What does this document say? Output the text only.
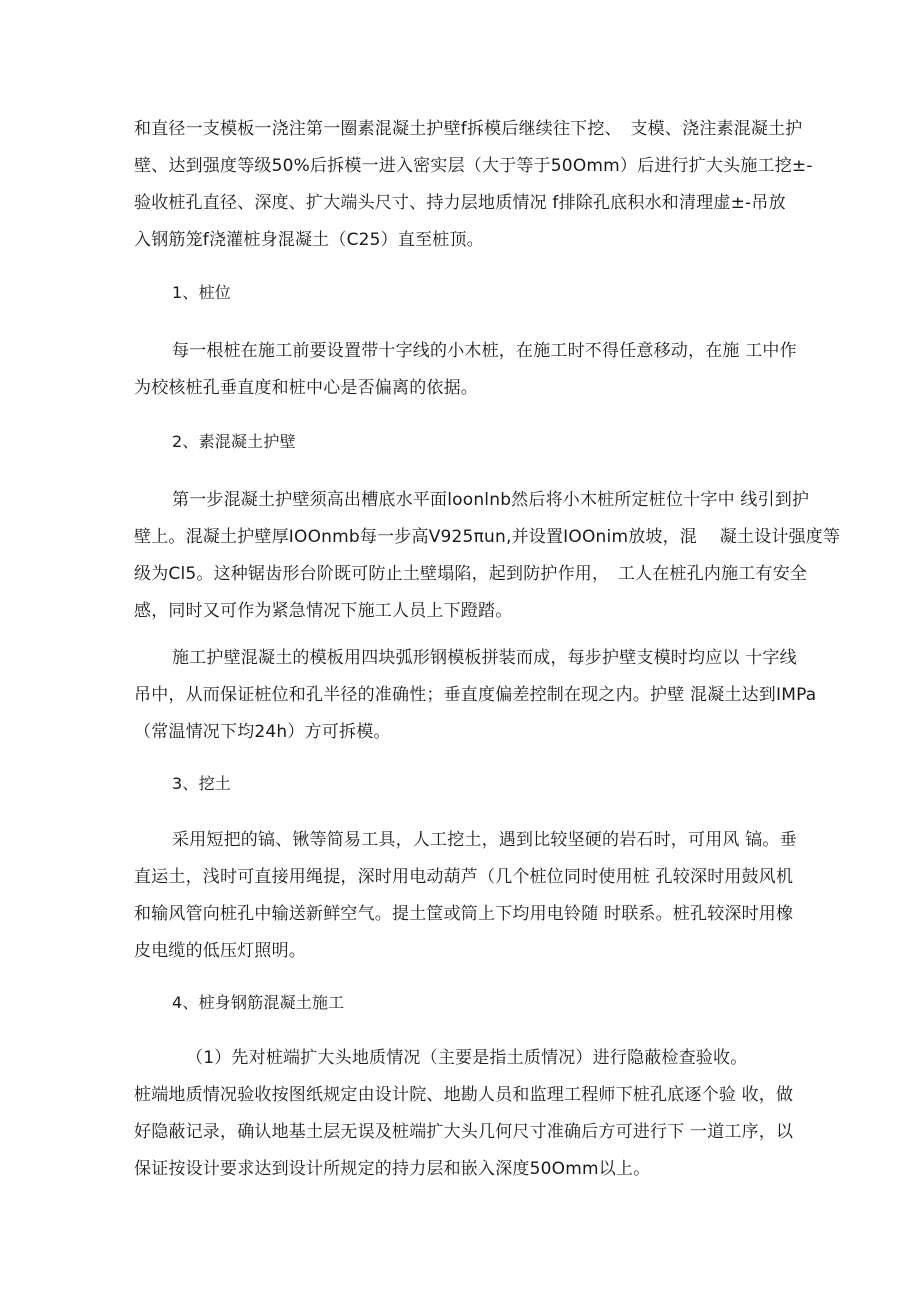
和直径一支模板一浇注第一圈素混凝土护壁f拆模后继续往下挖、　支模、浇注素混凝土护
壁、达到强度等级50%后拆模一进入密实层（大于等于50Omm）后进行扩大头施工挖±-
验收桩孔直径、深度、扩大端头尺寸、持力层地质情况 f排除孔底积水和清理虚±-吊放
入钢筋笼f浇灌桩身混凝土（C25）直至桩顶。
1、桩位
每一根桩在施工前要设置带十字线的小木桩，在施工时不得任意移动，在施 工中作
为校核桩孔垂直度和桩中心是否偏离的依据。
2、素混凝土护壁
第一步混凝土护壁须高出槽底水平面loonlnb然后将小木桩所定桩位十字中 线引到护
壁上。混凝土护壁厚IOOnmb每一步高V925πun,并设置IOOnim放坡，混　 凝土设计强度等
级为Cl5。这种锯齿形台阶既可防止土壁塌陷，起到防护作用，　工人在桩孔内施工有安全
感，同时又可作为紧急情况下施工人员上下蹬踏。
施工护壁混凝土的模板用四块弧形钢模板拼装而成，每步护壁支模时均应以 十字线
吊中，从而保证桩位和孔半径的准确性；垂直度偏差控制在现之内。护壁 混凝土达到IMPa
（常温情况下均24h）方可拆模。
3、挖土
采用短把的镐、锹等简易工具，人工挖土，遇到比较坚硬的岩石时，可用风 镐。垂
直运土，浅时可直接用绳提，深时用电动葫芦（几个桩位同时使用桩 孔较深时用鼓风机
和输风管向桩孔中输送新鲜空气。提土筐或筒上下均用电铃随 时联系。桩孔较深时用橡
皮电缆的低压灯照明。
4、桩身钢筋混凝土施工
（1）先对桩端扩大头地质情况（主要是指土质情况）进行隐蔽检查验收。
桩端地质情况验收按图纸规定由设计院、地勘人员和监理工程师下桩孔底逐个验 收，做
好隐蔽记录，确认地基土层无误及桩端扩大头几何尺寸准确后方可进行下 一道工序，以
保证按设计要求达到设计所规定的持力层和嵌入深度50Omm以上。
